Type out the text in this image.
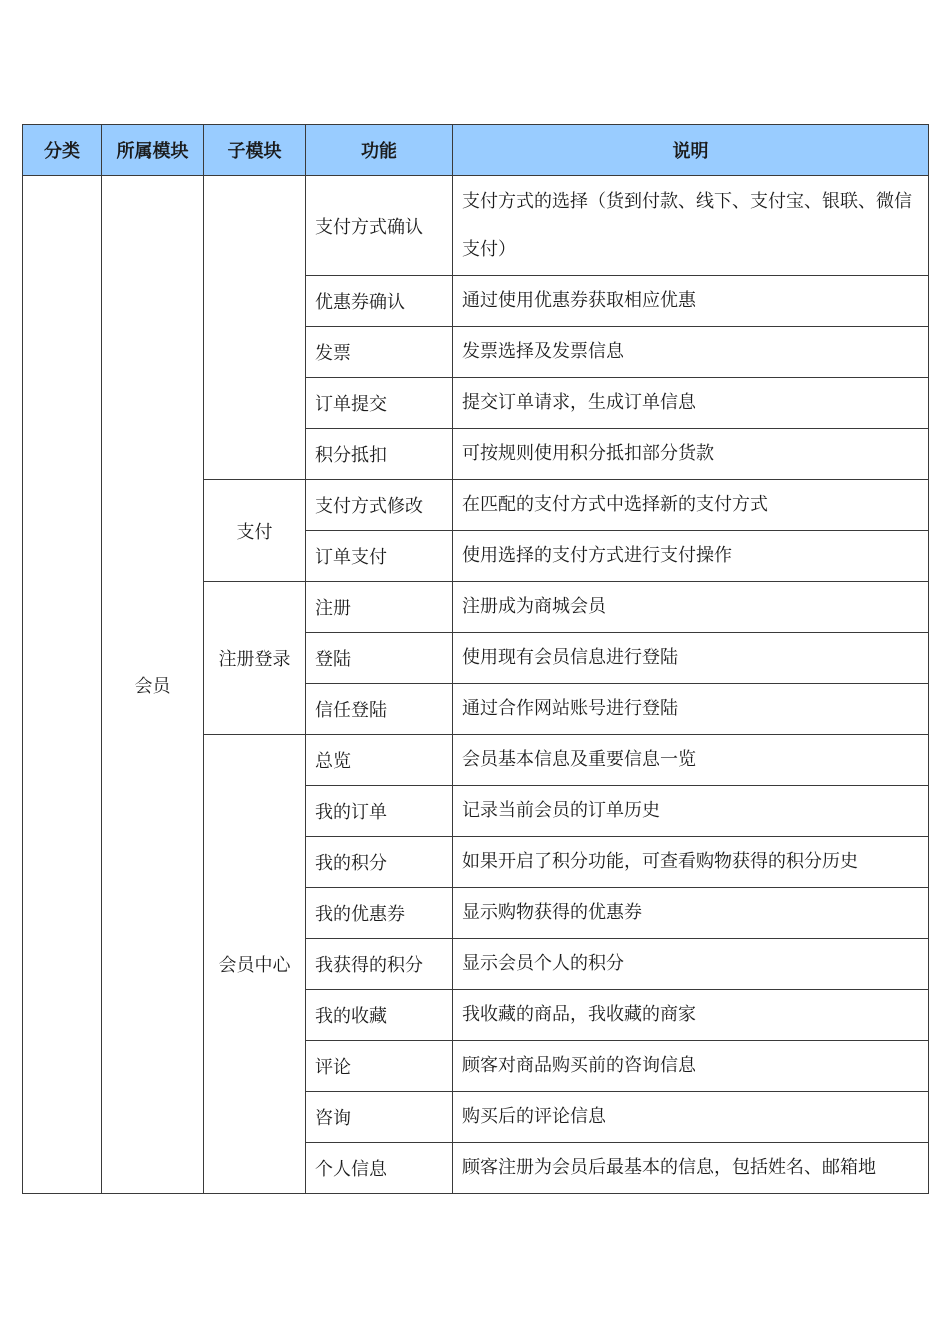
分类	所属模块	子模块	功能	说明
	会员		支付方式确认	支付方式的选择（货到付款、线下、支付宝、银联、微信支付）
			优惠券确认	通过使用优惠券获取相应优惠
			发票	发票选择及发票信息
			订单提交	提交订单请求，生成订单信息
			积分抵扣	可按规则使用积分抵扣部分货款
		支付	支付方式修改	在匹配的支付方式中选择新的支付方式
			订单支付	使用选择的支付方式进行支付操作
		注册登录	注册	注册成为商城会员
			登陆	使用现有会员信息进行登陆
			信任登陆	通过合作网站账号进行登陆
		会员中心	总览	会员基本信息及重要信息一览
			我的订单	记录当前会员的订单历史
			我的积分	如果开启了积分功能，可查看购物获得的积分历史
			我的优惠券	显示购物获得的优惠券
			我获得的积分	显示会员个人的积分
			我的收藏	我收藏的商品，我收藏的商家
			评论	顾客对商品购买前的咨询信息
			咨询	购买后的评论信息
			个人信息	顾客注册为会员后最基本的信息，包括姓名、邮箱地
